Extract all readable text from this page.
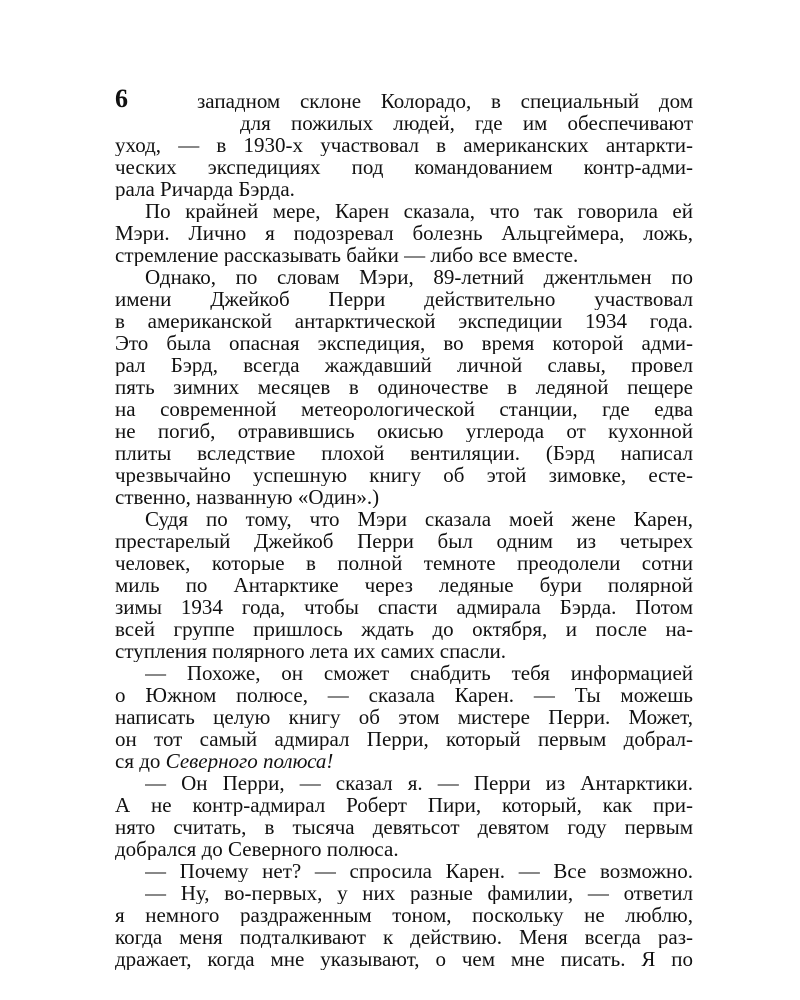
6	западном склоне Колорадо, в специальный дом
для пожилых людей, где им обеспечивают
уход, — в 1930-х участвовал в американских антаркти-
ческих экспедициях под командованием контр-адми-
рала Ричарда Бэрда.
По крайней мере, Карен сказала, что так говорила ей
Мэри. Лично я подозревал болезнь Альцгеймера, ложь,
стремление рассказывать байки — либо все вместе.
Однако, по словам Мэри, 89-летний джентльмен по
имени Джейкоб Перри действительно участвовал
в американской антарктической экспедиции 1934 года.
Это была опасная экспедиция, во время которой адми-
рал Бэрд, всегда жаждавший личной славы, провел
пять зимних месяцев в одиночестве в ледяной пещере
на современной метеорологической станции, где едва
не погиб, отравившись окисью углерода от кухонной
плиты вследствие плохой вентиляции. (Бэрд написал
чрезвычайно успешную книгу об этой зимовке, есте-
ственно, названную «Один».)
Судя по тому, что Мэри сказала моей жене Карен,
престарелый Джейкоб Перри был одним из четырех
человек, которые в полной темноте преодолели сотни
миль по Антарктике через ледяные бури полярной
зимы 1934 года, чтобы спасти адмирала Бэрда. Потом
всей группе пришлось ждать до октября, и после на-
ступления полярного лета их самих спасли.
— Похоже, он сможет снабдить тебя информацией
о Южном полюсе, — сказала Карен. — Ты можешь
написать целую книгу об этом мистере Перри. Может,
он тот самый адмирал Перри, который первым добрал-
ся до Северного полюса!
— Он Перри, — сказал я. — Перри из Антарктики.
А не контр-адмирал Роберт Пири, который, как при-
нято считать, в тысяча девятьсот девятом году первым
добрался до Северного полюса.
— Почему нет? — спросила Карен. — Все возможно.
— Ну, во-первых, у них разные фамилии, — ответил
я немного раздраженным тоном, поскольку не люблю,
когда меня подталкивают к действию. Меня всегда раз-
дражает, когда мне указывают, о чем мне писать. Я по
